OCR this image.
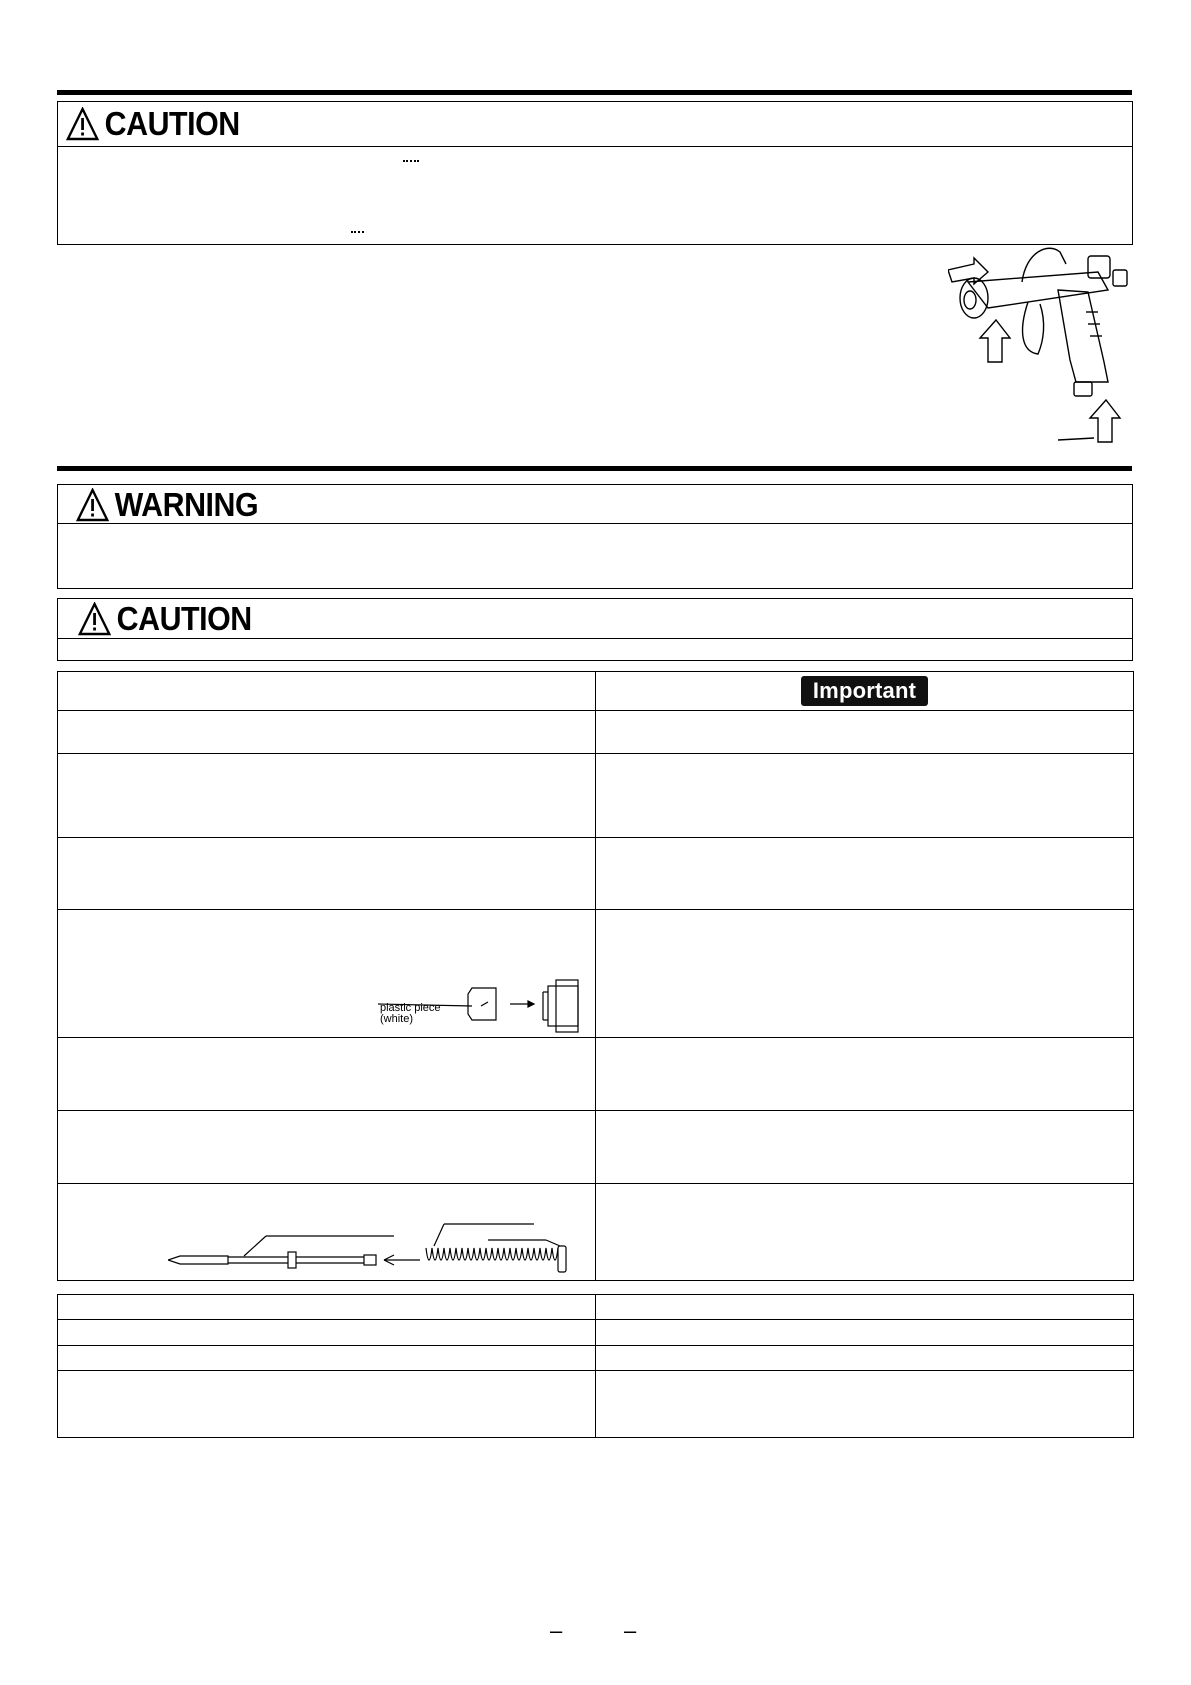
CAUTION
WARNING
CAUTION
	Important

plastic piece
(white)	

–	–
